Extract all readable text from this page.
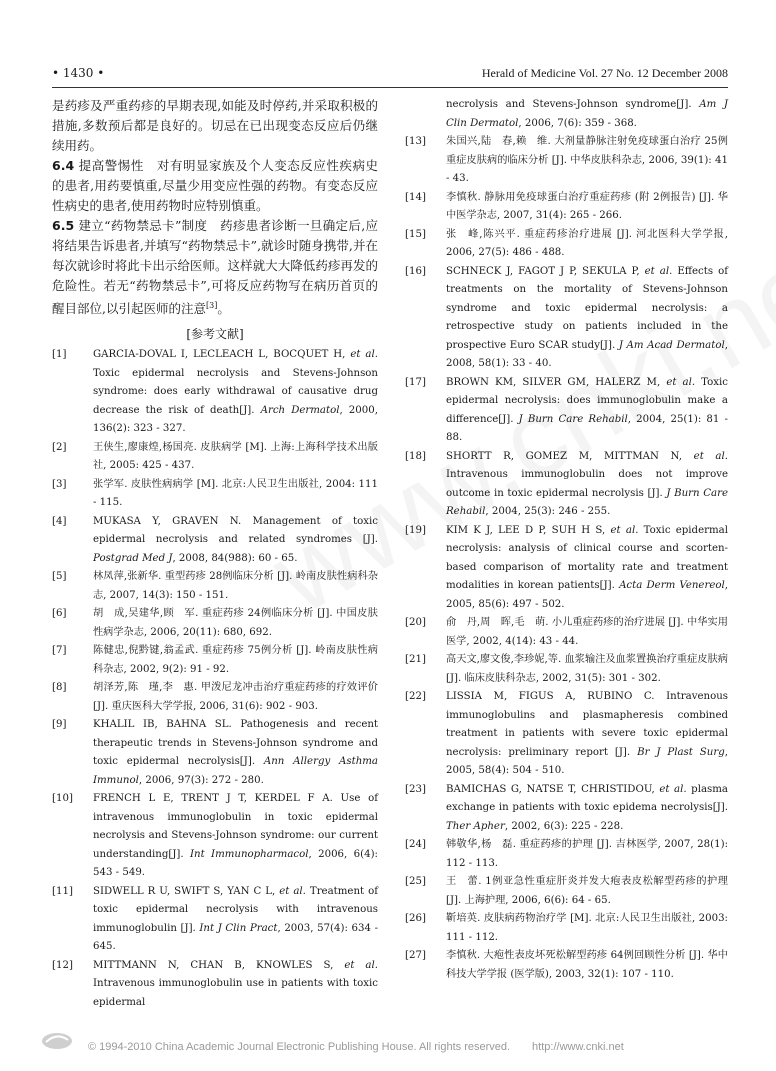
• 1430 •	Herald of Medicine Vol. 27 No. 12 December 2008

是药疹及严重药疹的早期表现,如能及时停药,并采取积极的措施,多数预后都是良好的。切忌在已出现变态反应后仍继续用药。

6.4 提高警惕性　对有明显家族及个人变态反应性疾病史的患者,用药要慎重,尽量少用变应性强的药物。有变态反应性病史的患者,使用药物时应特别慎重。

6.5 建立“药物禁忌卡”制度　药疹患者诊断一旦确定后,应将结果告诉患者,并填写“药物禁忌卡”,就诊时随身携带,并在每次就诊时将此卡出示给医师。这样就大大降低药疹再发的危险性。若无“药物禁忌卡”,可将反应药物写在病历首页的醒目部位,以引起医师的注意[3]。

[参考文献]
[1]	GARCIA-DOVAL I, LECLEACH L, BOCQUET H, et al. Toxic epidermal necrolysis and Stevens-Johnson syndrome: does early withdrawal of causative drug decrease the risk of death[J]. Arch Dermatol, 2000, 136(2): 323 - 327.
[2]	王侠生,廖康煌,杨国亮. 皮肤病学 [M]. 上海:上海科学技术出版社, 2005: 425 - 437.
[3]	张学军. 皮肤性病病学 [M]. 北京:人民卫生出版社, 2004: 111 - 115.
[4]	MUKASA Y, GRAVEN N. Management of toxic epidermal necrolysis and related syndromes [J]. Postgrad Med J, 2008, 84(988): 60 - 65.
[5]	林凤萍,张新华. 重型药疹 28例临床分析 [J]. 岭南皮肤性病科杂志, 2007, 14(3): 150 - 151.
[6]	胡　成,吴建华,顾　军. 重症药疹 24例临床分析 [J]. 中国皮肤性病学杂志, 2006, 20(11): 680, 692.
[7]	陈健忠,倪黔键,翁孟武. 重症药疹 75例分析 [J]. 岭南皮肤性病科杂志, 2002, 9(2): 91 - 92.
[8]	胡泽芳,陈　瑾,李　惠. 甲泼尼龙冲击治疗重症药疹的疗效评价 [J]. 重庆医科大学学报, 2006, 31(6): 902 - 903.
[9]	KHALIL IB, BAHNA SL. Pathogenesis and recent therapeutic trends in Stevens-Johnson syndrome and toxic epidermal necrolysis[J]. Ann Allergy Asthma Immunol, 2006, 97(3): 272 - 280.
[10]	FRENCH L E, TRENT J T, KERDEL F A. Use of intravenous immunoglobulin in toxic epidermal necrolysis and Stevens-Johnson syndrome: our current understanding[J]. Int Immunopharmacol, 2006, 6(4): 543 - 549.
[11]	SIDWELL R U, SWIFT S, YAN C L, et al. Treatment of toxic epidermal necrolysis with intravenous immunoglobulin [J]. Int J Clin Pract, 2003, 57(4): 634 - 645.
[12]	MITTMANN N, CHAN B, KNOWLES S, et al. Intravenous immunoglobulin use in patients with toxic epidermal
necrolysis and Stevens-Johnson syndrome[J]. Am J Clin Dermatol, 2006, 7(6): 359 - 368.
[13]	朱国兴,陆　春,赖　维. 大剂量静脉注射免疫球蛋白治疗 25例重症皮肤病的临床分析 [J]. 中华皮肤科杂志, 2006, 39(1): 41 - 43.
[14]	李慎秋. 静脉用免疫球蛋白治疗重症药疹 (附 2例报告) [J]. 华中医学杂志, 2007, 31(4): 265 - 266.
[15]	张　峰,陈兴平. 重症药疹治疗进展 [J]. 河北医科大学学报, 2006, 27(5): 486 - 488.
[16]	SCHNECK J, FAGOT J P, SEKULA P, et al. Effects of treatments on the mortality of Stevens-Johnson syndrome and toxic epidermal necrolysis: a retrospective study on patients included in the prospective Euro SCAR study[J]. J Am Acad Dermatol, 2008, 58(1): 33 - 40.
[17]	BROWN KM, SILVER GM, HALERZ M, et al. Toxic epidermal necrolysis: does immunoglobulin make a difference[J]. J Burn Care Rehabil, 2004, 25(1): 81 - 88.
[18]	SHORTT R, GOMEZ M, MITTMAN N, et al. Intravenous immunoglobulin does not improve outcome in toxic epidermal necrolysis [J]. J Burn Care Rehabil, 2004, 25(3): 246 - 255.
[19]	KIM K J, LEE D P, SUH H S, et al. Toxic epidermal necrolysis: analysis of clinical course and scorten-based comparison of mortality rate and treatment modalities in korean patients[J]. Acta Derm Venereol, 2005, 85(6): 497 - 502.
[20]	俞　丹,周　晖,毛　萌. 小儿重症药疹的治疗进展 [J]. 中华实用医学, 2002, 4(14): 43 - 44.
[21]	高天文,廖文俊,李珍妮,等. 血浆输注及血浆置换治疗重症皮肤病 [J]. 临床皮肤科杂志, 2002, 31(5): 301 - 302.
[22]	LISSIA M, FIGUS A, RUBINO C. Intravenous immunoglobulins and plasmapheresis combined treatment in patients with severe toxic epidermal necrolysis: preliminary report [J]. Br J Plast Surg, 2005, 58(4): 504 - 510.
[23]	BAMICHAS G, NATSE T, CHRISTIDOU, et al. plasma exchange in patients with toxic epidema necrolysis[J]. Ther Apher, 2002, 6(3): 225 - 228.
[24]	韩敬华,杨　磊. 重症药疹的护理 [J]. 吉林医学, 2007, 28(1): 112 - 113.
[25]	王　蕾. 1例亚急性重症肝炎并发大疱表皮松解型药疹的护理 [J]. 上海护理, 2006, 6(6): 64 - 65.
[26]	靳培英. 皮肤病药物治疗学 [M]. 北京:人民卫生出版社, 2003: 111 - 112.
[27]	李慎秋. 大疱性表皮坏死松解型药疹 64例回顾性分析 [J]. 华中科技大学学报 (医学版), 2003, 32(1): 107 - 110.
© 1994-2010 China Academic Journal Electronic Publishing House. All rights reserved.　　http://www.cnki.net
